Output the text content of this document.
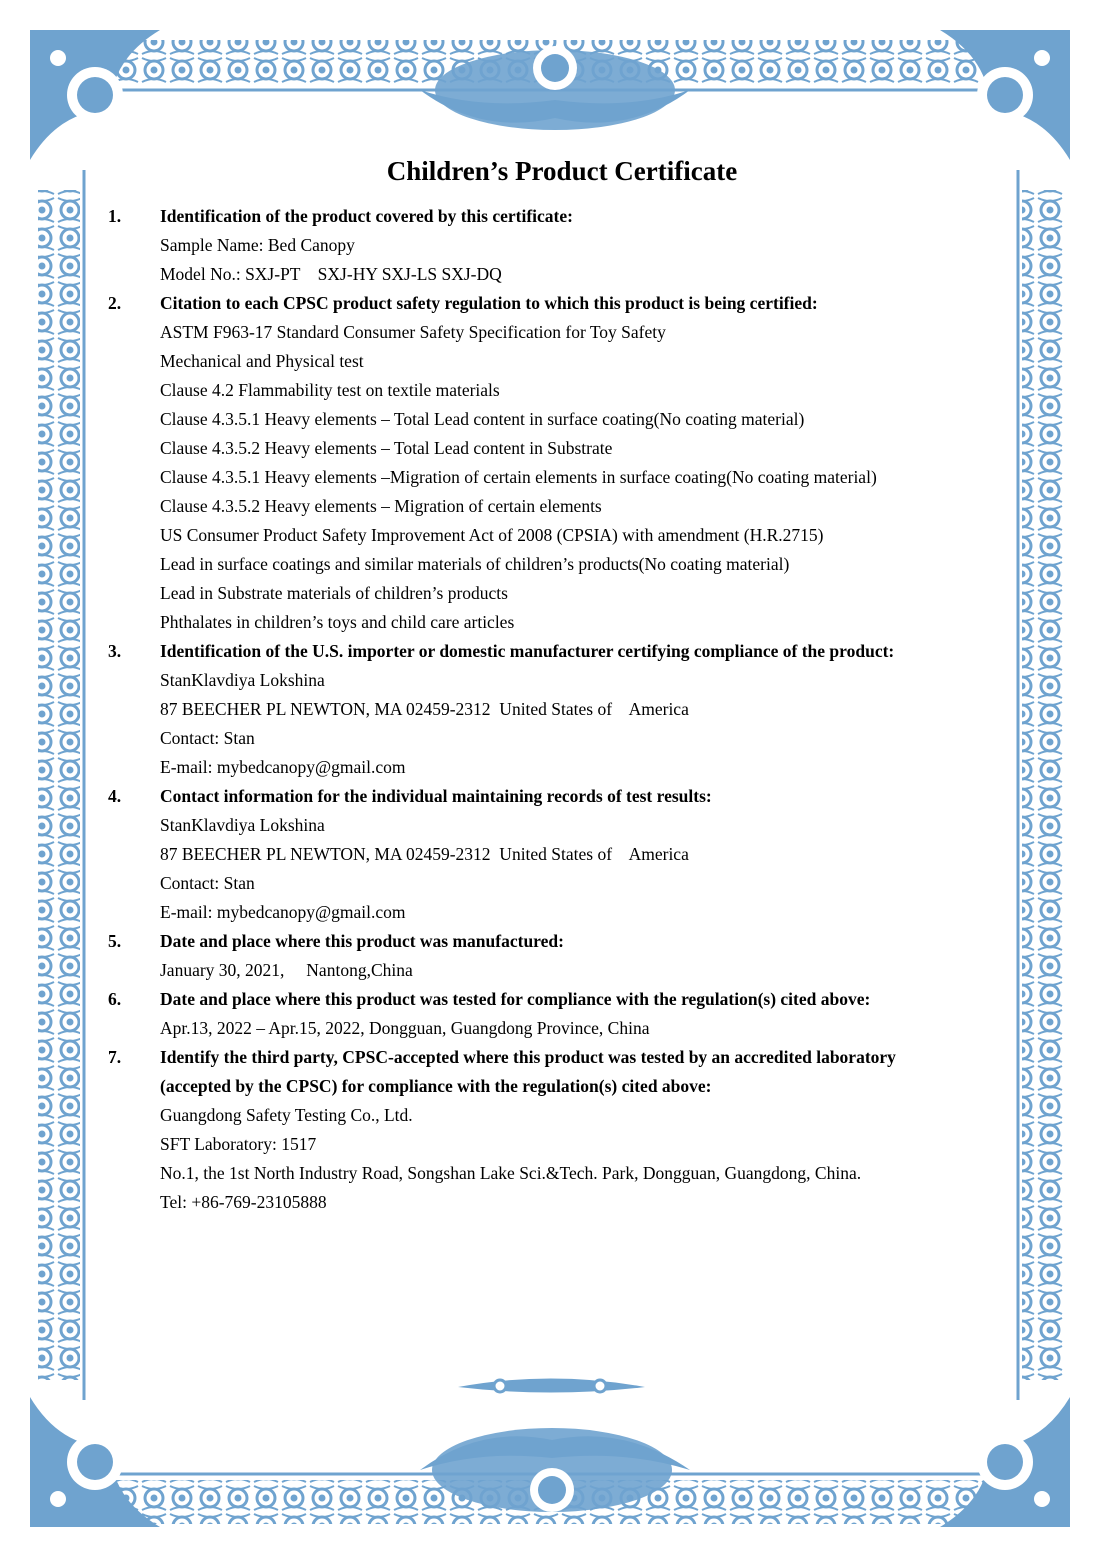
Children’s Product Certificate
1.	Identification of the product covered by this certificate:
Sample Name: Bed Canopy
Model No.: SXJ-PT    SXJ-HY SXJ-LS SXJ-DQ
2.	Citation to each CPSC product safety regulation to which this product is being certified:
ASTM F963-17 Standard Consumer Safety Specification for Toy Safety
Mechanical and Physical test
Clause 4.2 Flammability test on textile materials
Clause 4.3.5.1 Heavy elements – Total Lead content in surface coating(No coating material)
Clause 4.3.5.2 Heavy elements – Total Lead content in Substrate
Clause 4.3.5.1 Heavy elements –Migration of certain elements in surface coating(No coating material)
Clause 4.3.5.2 Heavy elements – Migration of certain elements
US Consumer Product Safety Improvement Act of 2008 (CPSIA) with amendment (H.R.2715)
Lead in surface coatings and similar materials of children’s products(No coating material)
Lead in Substrate materials of children’s products
Phthalates in children’s toys and child care articles
3.	Identification of the U.S. importer or domestic manufacturer certifying compliance of the product:
StanKlavdiya Lokshina
87 BEECHER PL NEWTON, MA 02459-2312  United States of    America
Contact: Stan
E-mail: mybedcanopy@gmail.com
4.	Contact information for the individual maintaining records of test results:
StanKlavdiya Lokshina
87 BEECHER PL NEWTON, MA 02459-2312  United States of    America
Contact: Stan
E-mail: mybedcanopy@gmail.com
5.	Date and place where this product was manufactured:
January 30, 2021,     Nantong,China
6.	Date and place where this product was tested for compliance with the regulation(s) cited above:
Apr.13, 2022 – Apr.15, 2022, Dongguan, Guangdong Province, China
7.	Identify the third party, CPSC-accepted where this product was tested by an accredited laboratory
(accepted by the CPSC) for compliance with the regulation(s) cited above:
Guangdong Safety Testing Co., Ltd.
SFT Laboratory: 1517
No.1, the 1st North Industry Road, Songshan Lake Sci.&Tech. Park, Dongguan, Guangdong, China.
Tel: +86-769-23105888
